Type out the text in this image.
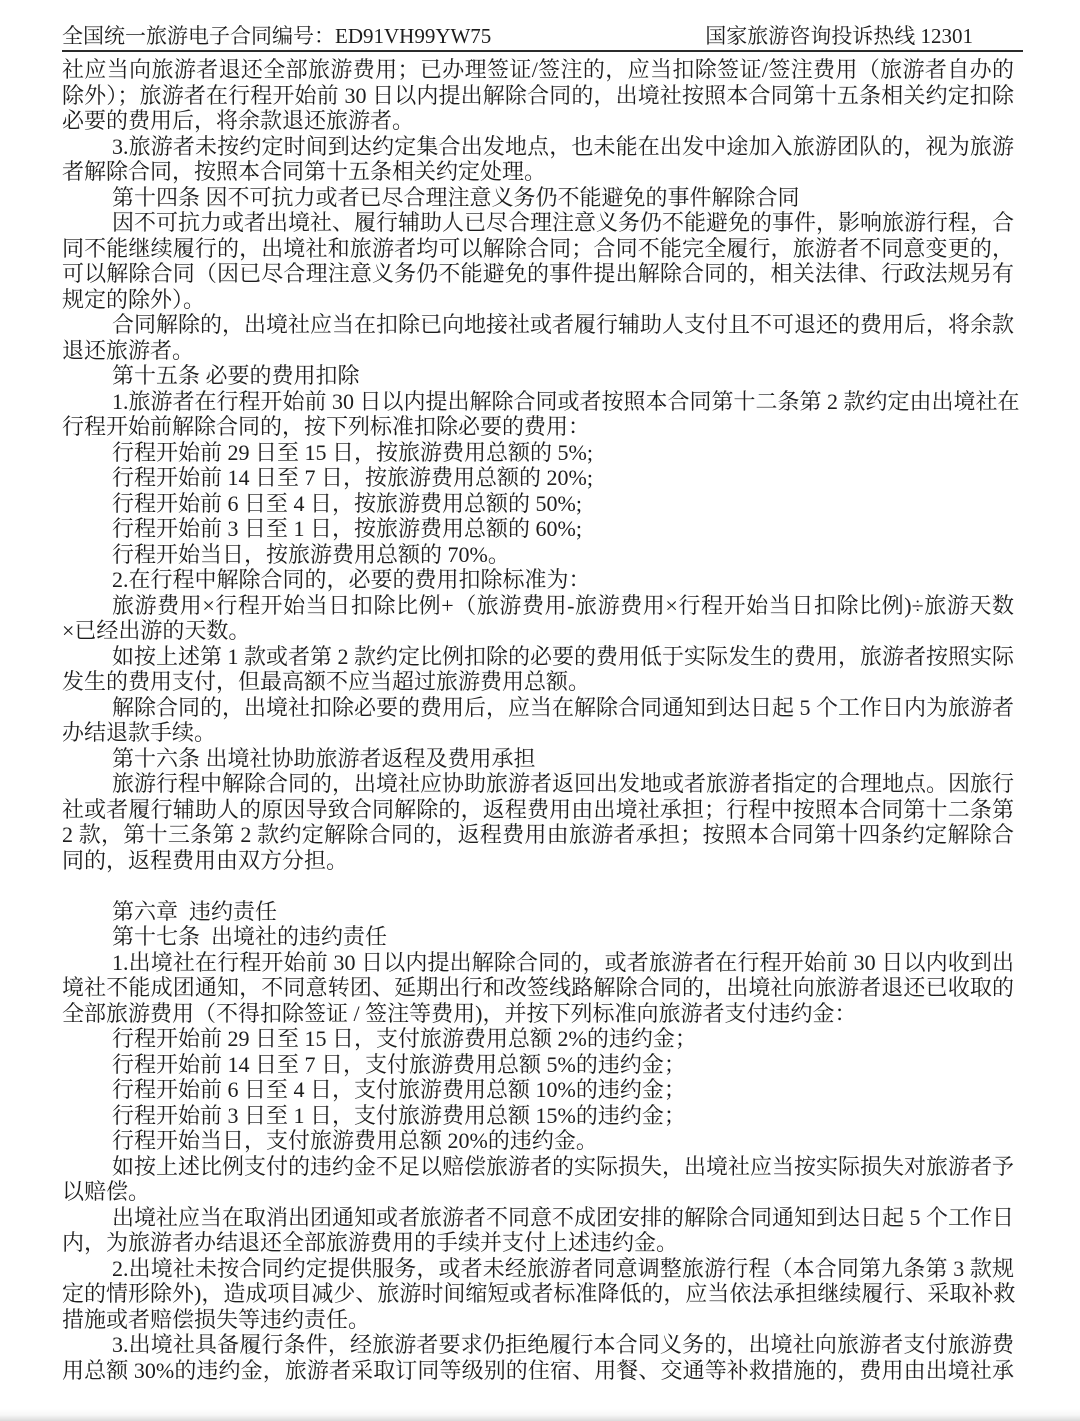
全国统一旅游电子合同编号：ED91VH99YW75	国家旅游咨询投诉热线 12301
社应当向旅游者退还全部旅游费用；已办理签证/签注的，应当扣除签证/签注费用（旅游者自办的
除外）；旅游者在行程开始前 30 日以内提出解除合同的，出境社按照本合同第十五条相关约定扣除
必要的费用后，将余款退还旅游者。
3.旅游者未按约定时间到达约定集合出发地点，也未能在出发中途加入旅游团队的，视为旅游
者解除合同，按照本合同第十五条相关约定处理。
第十四条 因不可抗力或者已尽合理注意义务仍不能避免的事件解除合同
因不可抗力或者出境社、履行辅助人已尽合理注意义务仍不能避免的事件，影响旅游行程，合
同不能继续履行的，出境社和旅游者均可以解除合同；合同不能完全履行，旅游者不同意变更的，
可以解除合同（因已尽合理注意义务仍不能避免的事件提出解除合同的，相关法律、行政法规另有
规定的除外）。
合同解除的，出境社应当在扣除已向地接社或者履行辅助人支付且不可退还的费用后，将余款
退还旅游者。
第十五条 必要的费用扣除
1.旅游者在行程开始前 30 日以内提出解除合同或者按照本合同第十二条第 2 款约定由出境社在
行程开始前解除合同的，按下列标准扣除必要的费用：
行程开始前 29 日至 15 日，按旅游费用总额的 5%;
行程开始前 14 日至 7 日，按旅游费用总额的 20%;
行程开始前 6 日至 4 日，按旅游费用总额的 50%;
行程开始前 3 日至 1 日，按旅游费用总额的 60%;
行程开始当日，按旅游费用总额的 70%。
2.在行程中解除合同的，必要的费用扣除标准为：
旅游费用×行程开始当日扣除比例+（旅游费用-旅游费用×行程开始当日扣除比例)÷旅游天数
×已经出游的天数。
如按上述第 1 款或者第 2 款约定比例扣除的必要的费用低于实际发生的费用，旅游者按照实际
发生的费用支付，但最高额不应当超过旅游费用总额。
解除合同的，出境社扣除必要的费用后，应当在解除合同通知到达日起 5 个工作日内为旅游者
办结退款手续。
第十六条 出境社协助旅游者返程及费用承担
旅游行程中解除合同的，出境社应协助旅游者返回出发地或者旅游者指定的合理地点。因旅行
社或者履行辅助人的原因导致合同解除的，返程费用由出境社承担；行程中按照本合同第十二条第
2 款，第十三条第 2 款约定解除合同的，返程费用由旅游者承担；按照本合同第十四条约定解除合
同的，返程费用由双方分担。
第六章  违约责任
第十七条  出境社的违约责任
1.出境社在行程开始前 30 日以内提出解除合同的，或者旅游者在行程开始前 30 日以内收到出
境社不能成团通知，不同意转团、延期出行和改签线路解除合同的，出境社向旅游者退还已收取的
全部旅游费用（不得扣除签证 / 签注等费用)，并按下列标准向旅游者支付违约金：
行程开始前 29 日至 15 日，支付旅游费用总额 2%的违约金；
行程开始前 14 日至 7 日，支付旅游费用总额 5%的违约金；
行程开始前 6 日至 4 日，支付旅游费用总额 10%的违约金；
行程开始前 3 日至 1 日，支付旅游费用总额 15%的违约金；
行程开始当日，支付旅游费用总额 20%的违约金。
如按上述比例支付的违约金不足以赔偿旅游者的实际损失，出境社应当按实际损失对旅游者予
以赔偿。
出境社应当在取消出团通知或者旅游者不同意不成团安排的解除合同通知到达日起 5 个工作日
内，为旅游者办结退还全部旅游费用的手续并支付上述违约金。
2.出境社未按合同约定提供服务，或者未经旅游者同意调整旅游行程（本合同第九条第 3 款规
定的情形除外)，造成项目减少、旅游时间缩短或者标准降低的，应当依法承担继续履行、采取补救
措施或者赔偿损失等违约责任。
3.出境社具备履行条件，经旅游者要求仍拒绝履行本合同义务的，出境社向旅游者支付旅游费
用总额 30%的违约金，旅游者采取订同等级别的住宿、用餐、交通等补救措施的，费用由出境社承
